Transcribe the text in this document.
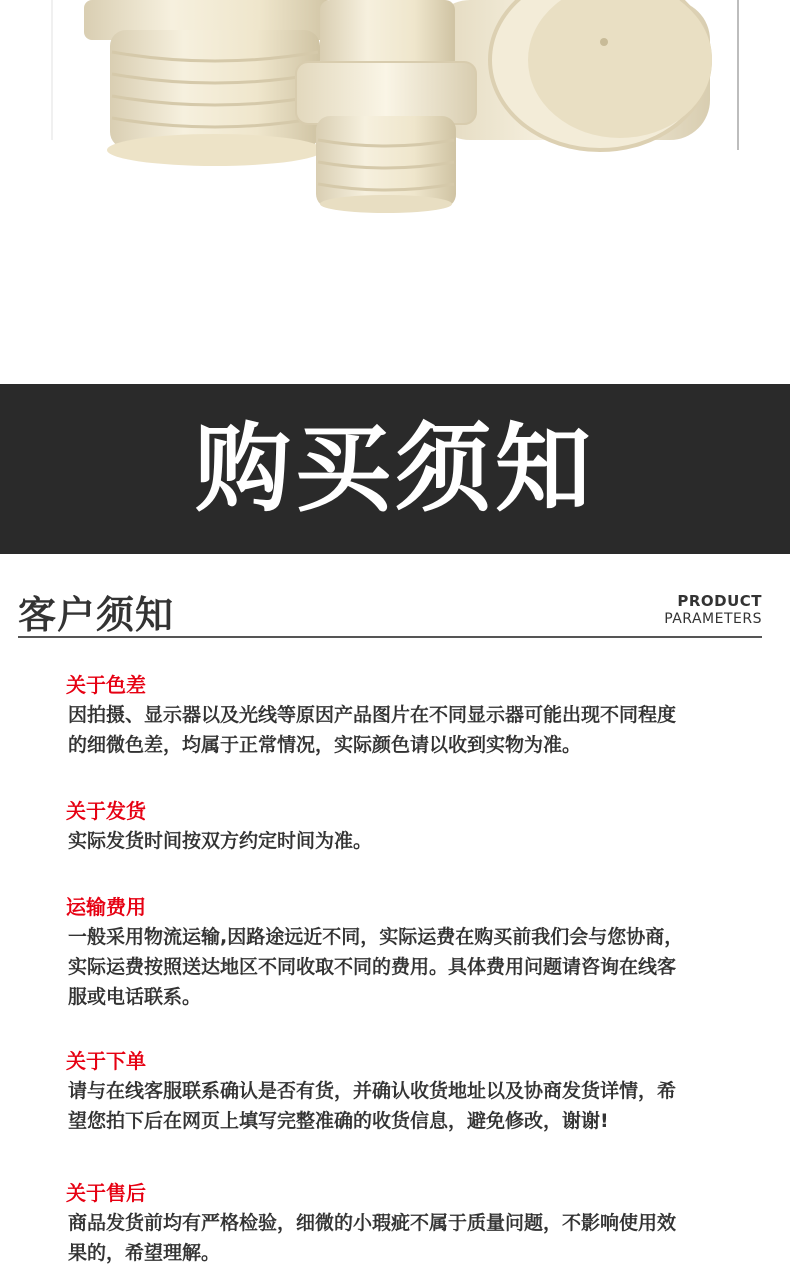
购买须知
客户须知	PRODUCT
PARAMETERS
关于色差
因拍摄、显示器以及光线等原因产品图片在不同显示器可能出现不同程度
的细微色差，均属于正常情况，实际颜色请以收到实物为准。
关于发货
实际发货时间按双方约定时间为准。
运输费用
一般采用物流运输,因路途远近不同，实际运费在购买前我们会与您协商，
实际运费按照送达地区不同收取不同的费用。具体费用问题请咨询在线客
服或电话联系。
关于下单
请与在线客服联系确认是否有货，并确认收货地址以及协商发货详情，希
望您拍下后在网页上填写完整准确的收货信息，避免修改，谢谢!
关于售后
商品发货前均有严格检验，细微的小瑕疵不属于质量问题，不影响使用效
果的，希望理解。
